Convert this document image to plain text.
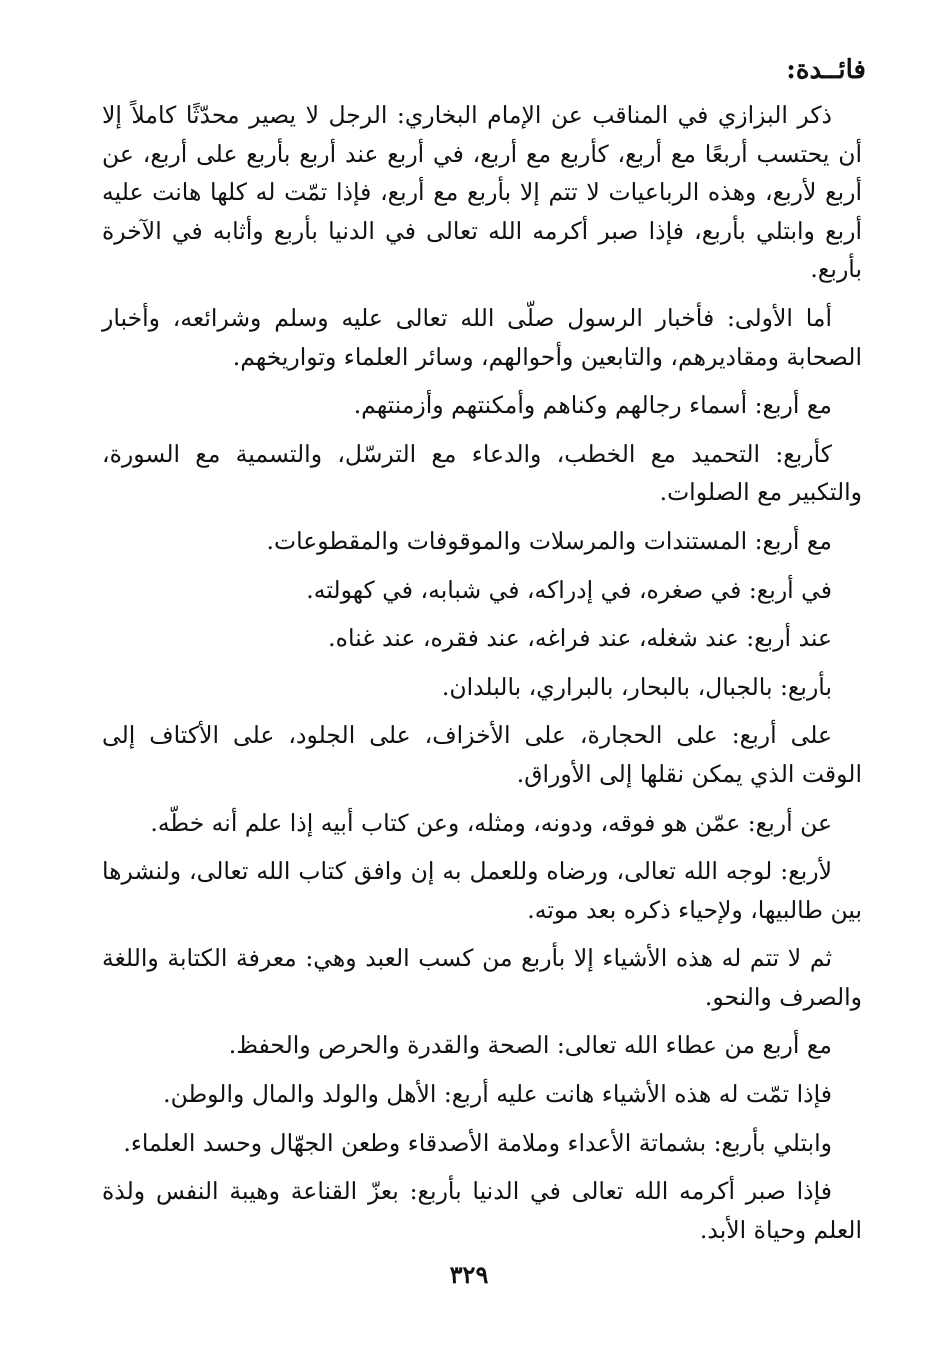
فائــدة:

ذكر البزازي في المناقب عن الإمام البخاري: الرجل لا يصير محدّثًا كاملاً إلا أن يحتسب أربعًا مع أربع، كأربع مع أربع، في أربع عند أربع بأربع على أربع، عن أربع لأربع، وهذه الرباعيات لا تتم إلا بأربع مع أربع، فإذا تمّت له كلها هانت عليه أربع وابتلي بأربع، فإذا صبر أكرمه الله تعالى في الدنيا بأربع وأثابه في الآخرة بأربع.

أما الأولى: فأخبار الرسول صلّى الله تعالى عليه وسلم وشرائعه، وأخبار الصحابة ومقاديرهم، والتابعين وأحوالهم، وسائر العلماء وتواريخهم.

مع أربع: أسماء رجالهم وكناهم وأمكنتهم وأزمنتهم.

كأربع: التحميد مع الخطب، والدعاء مع الترسّل، والتسمية مع السورة، والتكبير مع الصلوات.

مع أربع: المستندات والمرسلات والموقوفات والمقطوعات.

في أربع: في صغره، في إدراكه، في شبابه، في كهولته.

عند أربع: عند شغله، عند فراغه، عند فقره، عند غناه.

بأربع: بالجبال، بالبحار، بالبراري، بالبلدان.

على أربع: على الحجارة، على الأخزاف، على الجلود، على الأكتاف إلى الوقت الذي يمكن نقلها إلى الأوراق.

عن أربع: عمّن هو فوقه، ودونه، ومثله، وعن كتاب أبيه إذا علم أنه خطّه.

لأربع: لوجه الله تعالى، ورضاه وللعمل به إن وافق كتاب الله تعالى، ولنشرها بين طالبيها، ولإحياء ذكره بعد موته.

ثم لا تتم له هذه الأشياء إلا بأربع من كسب العبد وهي: معرفة الكتابة واللغة والصرف والنحو.

مع أربع من عطاء الله تعالى: الصحة والقدرة والحرص والحفظ.

فإذا تمّت له هذه الأشياء هانت عليه أربع: الأهل والولد والمال والوطن.

وابتلي بأربع: بشماتة الأعداء وملامة الأصدقاء وطعن الجهّال وحسد العلماء.

فإذا صبر أكرمه الله تعالى في الدنيا بأربع: بعزّ القناعة وهيبة النفس ولذة العلم وحياة الأبد.

٣٢٩
